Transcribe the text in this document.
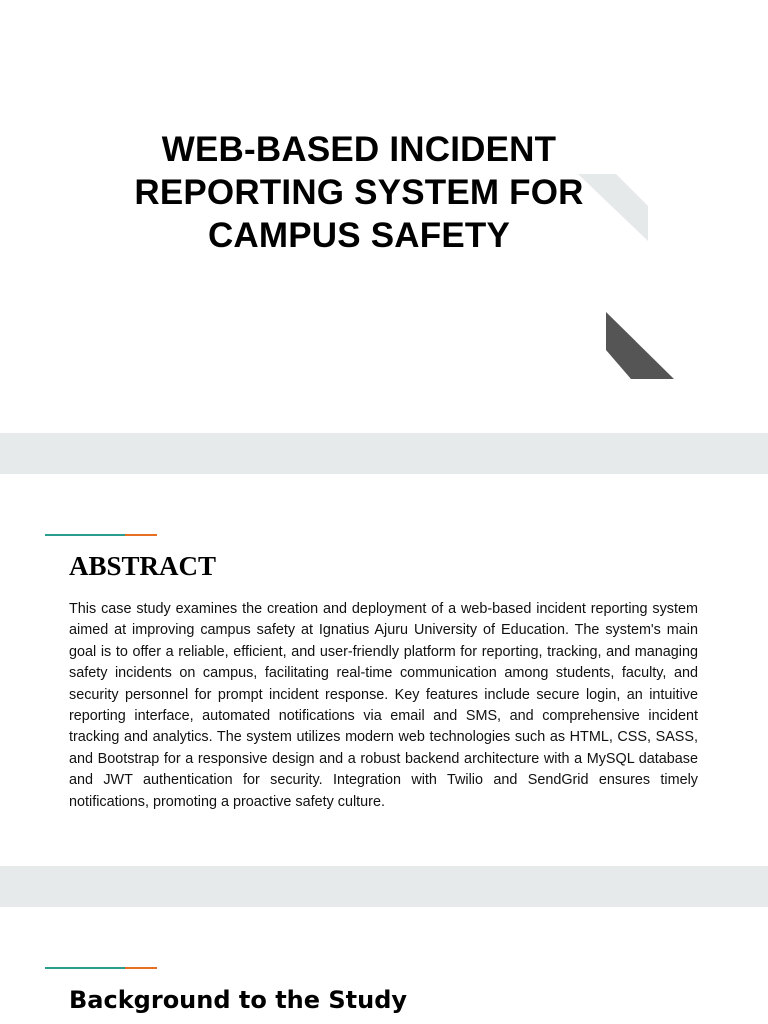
WEB-BASED INCIDENT
REPORTING SYSTEM FOR
CAMPUS SAFETY
ABSTRACT

This case study examines the creation and deployment of a web-based incident reporting system aimed at improving campus safety at Ignatius Ajuru University of Education. The system's main goal is to offer a reliable, efficient, and user-friendly platform for reporting, tracking, and managing safety incidents on campus, facilitating real-time communication among students, faculty, and security personnel for prompt incident response. Key features include secure login, an intuitive reporting interface, automated notifications via email and SMS, and comprehensive incident tracking and analytics. The system utilizes modern web technologies such as HTML, CSS, SASS, and Bootstrap for a responsive design and a robust backend architecture with a MySQL database and JWT authentication for security. Integration with Twilio and SendGrid ensures timely notifications, promoting a proactive safety culture.

Background to the Study
